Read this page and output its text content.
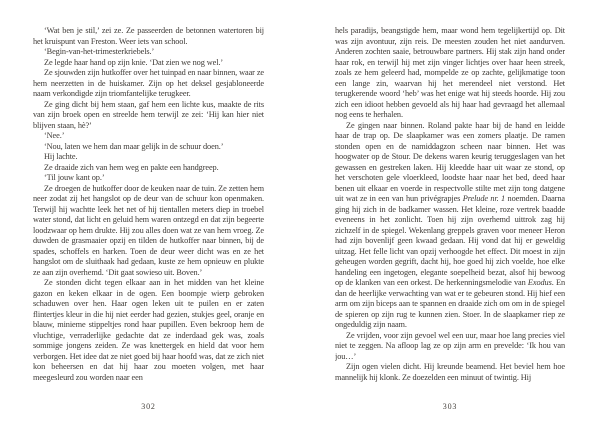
‘Wat ben je stil,’ zei ze. Ze passeerden de betonnen watertoren bij het kruispunt van Freston. Weer iets van school.

‘Begin-van-het-trimesterkriebels.’

Ze legde haar hand op zijn knie. ‘Dat zien we nog wel.’

Ze sjouwden zijn hutkoffer over het tuinpad en naar binnen, waar ze hem neerzetten in de huiskamer. Zijn op het deksel gesjabloneerde naam verkondigde zijn triomfantelijke terugkeer.

Ze ging dicht bij hem staan, gaf hem een lichte kus, maakte de rits van zijn broek open en streelde hem terwijl ze zei: ‘Hij kan hier niet blijven staan, hè?’

‘Nee.’

‘Nou, laten we hem dan maar gelijk in de schuur doen.’

Hij lachte.

Ze draaide zich van hem weg en pakte een handgreep.

‘Til jouw kant op.’

Ze droegen de hutkoffer door de keuken naar de tuin. Ze zetten hem neer zodat zij het hangslot op de deur van de schuur kon openmaken. Terwijl hij wachtte leek het net of hij tientallen meters diep in troebel water stond, dat licht en geluid hem waren ontzegd en dat zijn begeerte loodzwaar op hem drukte. Hij zou alles doen wat ze van hem vroeg. Ze duwden de grasmaaier opzij en tilden de hutkoffer naar binnen, bij de spades, schoffels en harken. Toen de deur weer dicht was en ze het hangslot om de sluithaak had gedaan, kuste ze hem opnieuw en plukte ze aan zijn overhemd. ‘Dit gaat sowieso uit. Boven.’

Ze stonden dicht tegen elkaar aan in het midden van het kleine gazon en keken elkaar in de ogen. Een boompje wierp gebroken schaduwen over hen. Haar ogen leken uit te puilen en er zaten flintertjes kleur in die hij niet eerder had gezien, stukjes geel, oranje en blauw, minieme stippeltjes rond haar pupillen. Even bekroop hem de vluchtige, verraderlijke gedachte dat ze inderdaad gek was, zoals sommige jongens zeiden. Ze was knettergek en hield dat voor hem verborgen. Het idee dat ze niet goed bij haar hoofd was, dat ze zich niet kon beheersen en dat hij haar zou moeten volgen, met haar meegesleurd zou worden naar een

302

hels paradijs, beangstigde hem, maar wond hem tegelijkertijd op. Dit was zijn avontuur, zijn reis. De meesten zouden het niet aandurven. Anderen zochten saaie, betrouwbare partners. Hij stak zijn hand onder haar rok, en terwijl hij met zijn vinger lichtjes over haar heen streek, zoals ze hem geleerd had, mompelde ze op zachte, gelijkmatige toon een lange zin, waarvan hij het merendeel niet verstond. Het terugkerende woord ‘heb’ was het enige wat hij steeds hoorde. Hij zou zich een idioot hebben gevoeld als hij haar had gevraagd het allemaal nog eens te herhalen.

Ze gingen naar binnen. Roland pakte haar bij de hand en leidde haar de trap op. De slaapkamer was een zomers plaatje. De ramen stonden open en de namiddagzon scheen naar binnen. Het was hoogwater op de Stour. De dekens waren keurig teruggeslagen van het gewassen en gestreken laken. Hij kleedde haar uit waar ze stond, op het verschoten gele vloerkleed, loodste haar naar het bed, deed haar benen uit elkaar en voerde in respectvolle stilte met zijn tong datgene uit wat ze in een van hun privégrapjes Prelude nr. 1 noemden. Daarna ging hij zich in de badkamer wassen. Het kleine, roze vertrek baadde eveneens in het zonlicht. Toen hij zijn overhemd uittrok zag hij zichzelf in de spiegel. Wekenlang greppels graven voor meneer Heron had zijn bovenlijf geen kwaad gedaan. Hij vond dat hij er geweldig uitzag. Het felle licht van opzij verhoogde het effect. Dit moest in zijn geheugen worden gegrift, dacht hij, hoe goed hij zich voelde, hoe elke handeling een ingetogen, elegante soepelheid bezat, alsof hij bewoog op de klanken van een orkest. De herkenningsmelodie van Exodus. En dan de heerlijke verwachting van wat er te gebeuren stond. Hij hief een arm om zijn biceps aan te spannen en draaide zich om om in de spiegel de spieren op zijn rug te kunnen zien. Stoer. In de slaapkamer riep ze ongeduldig zijn naam.

Ze vrijden, voor zijn gevoel wel een uur, maar hoe lang precies viel niet te zeggen. Na afloop lag ze op zijn arm en prevelde: ‘Ik hou van jou…’

Zijn ogen vielen dicht. Hij kreunde beamend. Het beviel hem hoe mannelijk hij klonk. Ze doezelden een minuut of twintig. Hij

303
